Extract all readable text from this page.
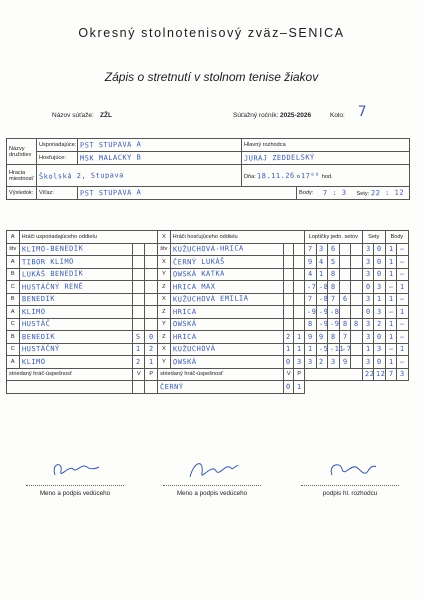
Okresný stolnotenisový zväz–SENICA
Zápis o stretnutí v stolnom tenise žiakov
Názov súťaže: ZŽL	Súťažný ročník: 2025-2026	Kolo: 7
Názvy družstiev	Usporiadajúce:	PST STUPAVA A	Hlavný rozhodca			
	Hosťujúce:	MSK MALACKY B	JURAJ ZEDDELSKÝ			

Hracia miestnosť	Školská 2, Stupava		Dňa: 18.11.26 o 17⁰⁰ hod.			
Výsledok:	Víťaz:	PST STUPAVA A		Body:	7 : 3	Sety: 22 : 12
A	Hráči usporiadajúceho oddielu			X	Hráči hosťujúceho oddielu			Loptičky jedn. setov					Sety		Body	
štv	KLIMO-BENEDIK			štv	KUŽUCHOVÁ-HRICA			7	3	6			3	0	1	–
A	TIBOR KLIMO			X	ČERNÝ LUKÁŠ			9	4	5			3	0	1	–
B	LUKÁŠ BENEDIK			Y	OWSKÁ KATKA			4	1	8			3	0	1	–
C	HUSTÁČNÝ RENÉ			Z	HRICA MAX			-7	-8	8			0	3	–	1
B	BENEDIK			X	KUŽUCHOVÁ EMILIA			7	-8	7	6		3	1	1	–
A	KLIMO			Z	HRICA			-9	-9	-8			0	3	–	1
C	HUSTÁČ			Y	OWSKÁ			8	-9	-9	8	8	3	2	1	–
B	BENEDIK	S	0	Z	HRICA	2	1	9	9	8	7		3	0	1	–
C	HUSTÁČNÝ	1	2	X	KUŽUCHOVÁ	1	1	1	-5	-11	-7		1	3	–	1
A	KLIMO	2	1	Y	OWSKÁ	0	3	3	2	3	9		3	0	1	–
striedaný hráč-úspešnosť		V	P	striedaný hráč-úspešnosť		V	P						22	12	7	3
				ČERNÝ		0	1									
Meno a podpis vedúceho	Meno a podpis vedúceho	podpis hl. rozhodcu
